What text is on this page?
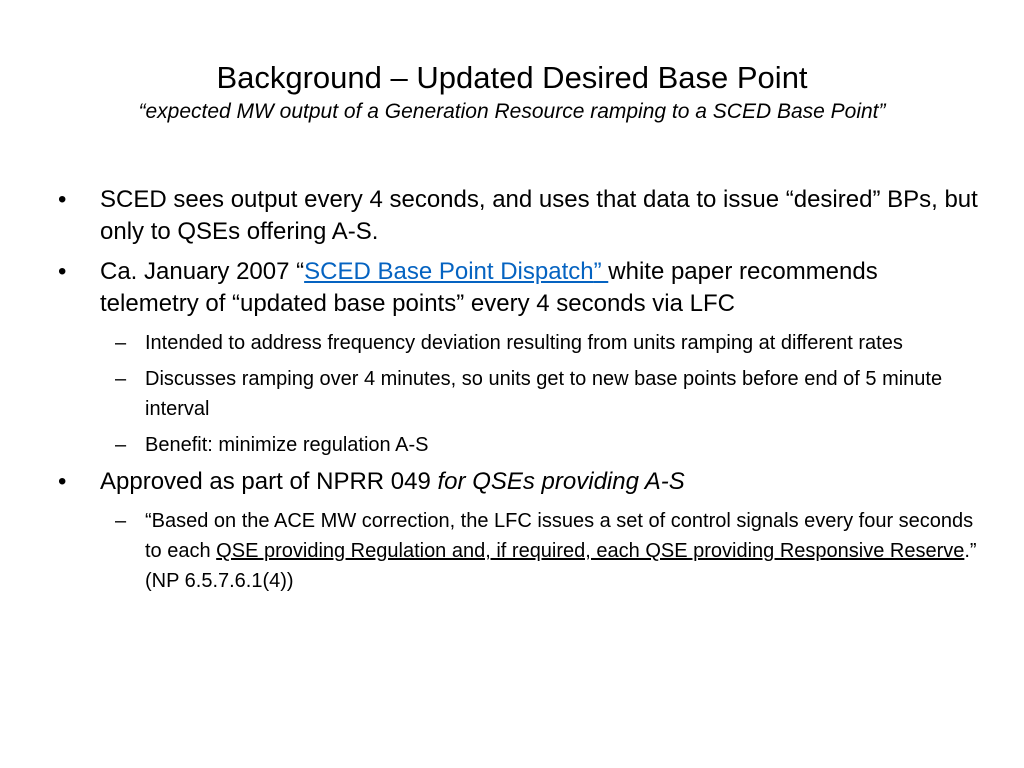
Background – Updated Desired Base Point
“expected MW output of a Generation Resource ramping to a SCED Base Point”
• SCED sees output every 4 seconds, and uses that data to issue “desired” BPs, but only to QSEs offering A-S.
• Ca. January 2007 “SCED Base Point Dispatch” white paper recommends telemetry of “updated base points” every 4 seconds via LFC
– Intended to address frequency deviation resulting from units ramping at different rates
– Discusses ramping over 4 minutes, so units get to new base points before end of 5 minute interval
– Benefit: minimize regulation A-S
• Approved as part of NPRR 049 for QSEs providing A-S
– “Based on the ACE MW correction, the LFC issues a set of control signals every four seconds to each QSE providing Regulation and, if required, each QSE providing Responsive Reserve.” (NP 6.5.7.6.1(4))
